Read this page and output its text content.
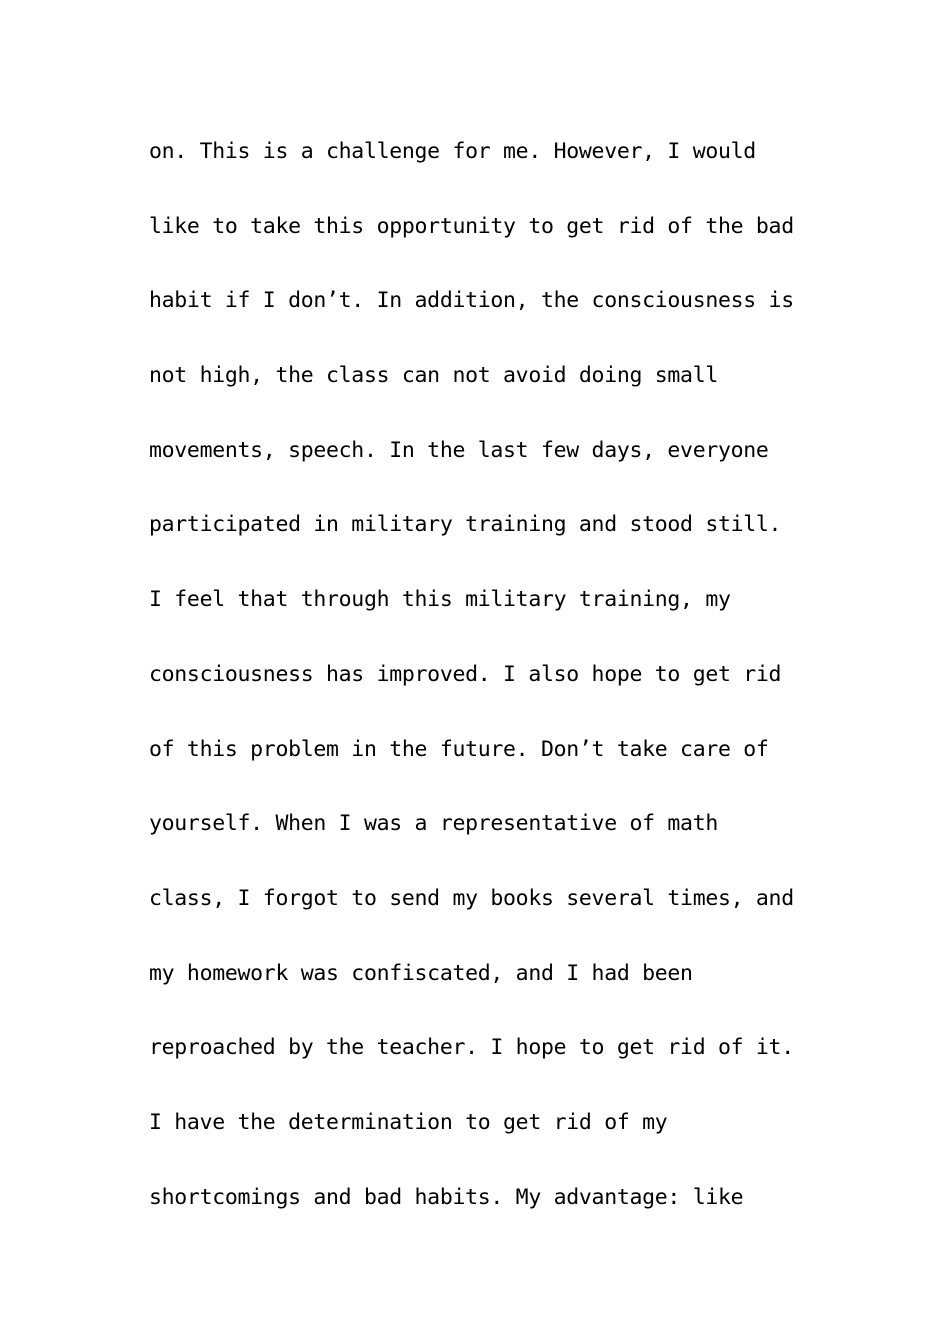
on. This is a challenge for me. However, I would
like to take this opportunity to get rid of the bad
habit if I don’t. In addition, the consciousness is
not high, the class can not avoid doing small
movements, speech. In the last few days, everyone
participated in military training and stood still.
I feel that through this military training, my
consciousness has improved. I also hope to get rid
of this problem in the future. Don’t take care of
yourself. When I was a representative of math
class, I forgot to send my books several times, and
my homework was confiscated, and I had been
reproached by the teacher. I hope to get rid of it.
I have the determination to get rid of my
shortcomings and bad habits. My advantage: like
